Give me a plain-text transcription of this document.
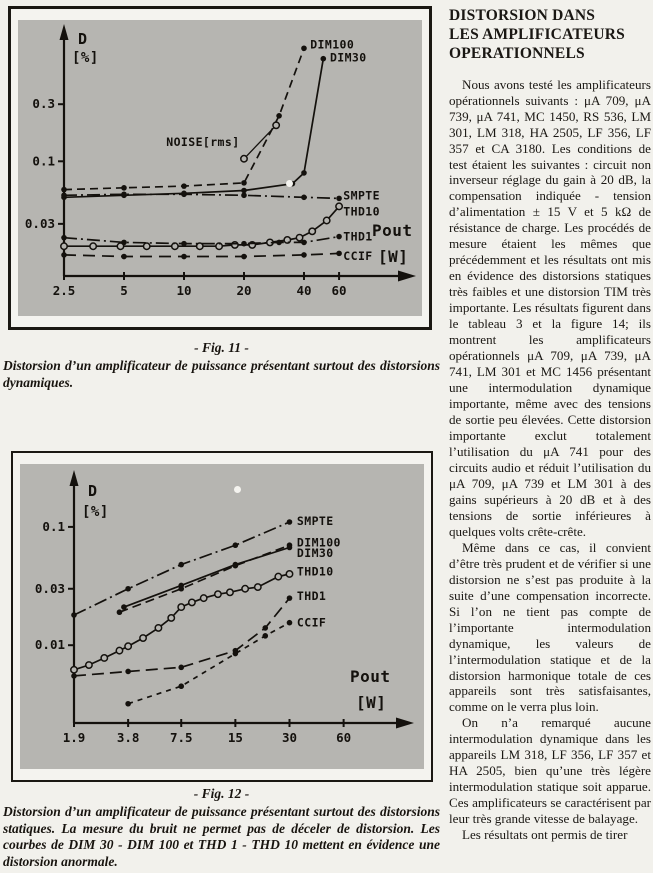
2.5	5	10	20	40 60
0.3
0.1
0.03
DIM100
DIM30
NOISE[rms]
SMPTE
THD10
THD1
CCIF
D
[%]
Pout
[W]
- Fig. 11 -

Distorsion d’un amplificateur de puissance présentant surtout des distorsions dynamiques.

1.9	3.8 7.5	15	30	60
0.1
0.03
0.01
SMPTE
DIM100
DIM30
THD10
THD1
CCIF
D
[%]
Pout
[W]
- Fig. 12 -

Distorsion d’un amplificateur de puissance présentant surtout des distorsions statiques. La mesure du bruit ne permet pas de déceler de distorsion. Les courbes de DIM 30 - DIM 100 et THD 1 - THD 10 mettent en évidence une distorsion anormale.

DISTORSION DANS
LES AMPLIFICATEURS
OPERATIONNELS

Nous avons testé les amplificateurs opérationnels suivants : μA 709, μA 739, μA 741, MC 1450, RS 536, LM 301, LM 318, HA 2505, LF 356, LF 357 et CA 3180. Les conditions de test étaient les suivantes : circuit non inverseur réglage du gain à 20 dB, la compensation indiquée - tension d’alimentation ± 15 V et 5 kΩ de résistance de charge. Les procédés de mesure étaient les mêmes que précédemment et les résultats ont mis en évidence des distorsions statiques très faibles et une distorsion TIM très importante. Les résultats figurent dans le tableau 3 et la figure 14; ils montrent les amplificateurs opérationnels μA 709, μA 739, μA 741, LM 301 et MC 1456 présentant une intermodulation dynamique importante, même avec des tensions de sortie peu élevées. Cette distorsion importante exclut totalement l’utilisation du μA 741 pour des circuits audio et réduit l’utilisation du μA 709, μA 739 et LM 301 à des gains supérieurs à 20 dB et à des tensions de sortie inférieures à quelques volts crête-crête.

Même dans ce cas, il convient d’être très prudent et de vérifier si une distorsion ne s’est pas produite à la suite d’une compensation incorrecte. Si l’on ne tient pas compte de l’importante intermodulation dynamique, les valeurs de l’intermodulation statique et de la distorsion harmonique totale de ces appareils sont très satisfaisantes, comme on le verra plus loin.

On n’a remarqué aucune intermodulation dynamique dans les appareils LM 318, LF 356, LF 357 et HA 2505, bien qu’une très légère intermodulation statique soit apparue. Ces amplificateurs se caractérisent par leur très grande vitesse de balayage.

Les résultats ont permis de tirer
